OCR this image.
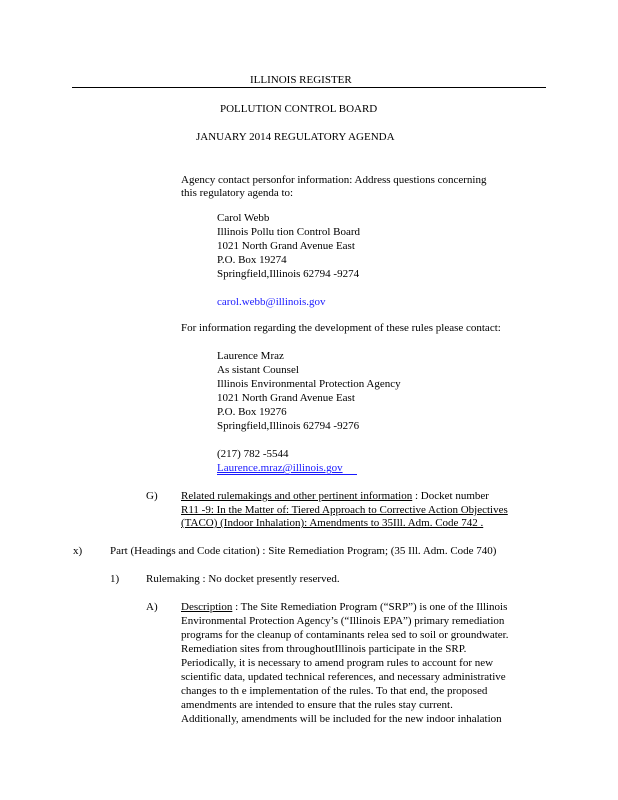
ILLINOIS REGISTER
POLLUTION CONTROL BOARD
JANUARY 2014 REGULATORY AGENDA
Agency contact personfor information: Address questions concerning
this regulatory agenda to:
Carol Webb
Illinois Pollu tion Control Board
1021 North Grand Avenue East
P.O. Box 19274
Springfield,Illinois 62794 -9274
carol.webb@illinois.gov
For information regarding the development of these rules please contact:
Laurence Mraz
As sistant Counsel
Illinois Environmental Protection Agency
1021 North Grand Avenue East
P.O. Box 19276
Springfield,Illinois 62794 -9276
(217) 782 -5544
Laurence.mraz@illinois.gov
G) Related rulemakings and other pertinent information : Docket number
R11 -9: In the Matter of: Tiered Approach to Corrective Action Objectives
(TACO) (Indoor Inhalation): Amendments to 35Ill. Adm. Code 742 .
x)	Part (Headings and Code citation) : Site Remediation Program; (35 Ill. Adm. Code 740)
1) Rulemaking : No docket presently reserved.
A) Description : The Site Remediation Program (“SRP”) is one of the Illinois
Environmental Protection Agency’s (“Illinois EPA”) primary remediation
programs for the cleanup of contaminants relea sed to soil or groundwater.
Remediation sites from throughoutIllinois participate in the SRP.
Periodically, it is necessary to amend program rules to account for new
scientific data, updated technical references, and necessary administrative
changes to th e implementation of the rules. To that end, the proposed
amendments are intended to ensure that the rules stay current.
Additionally, amendments will be included for the new indoor inhalation
